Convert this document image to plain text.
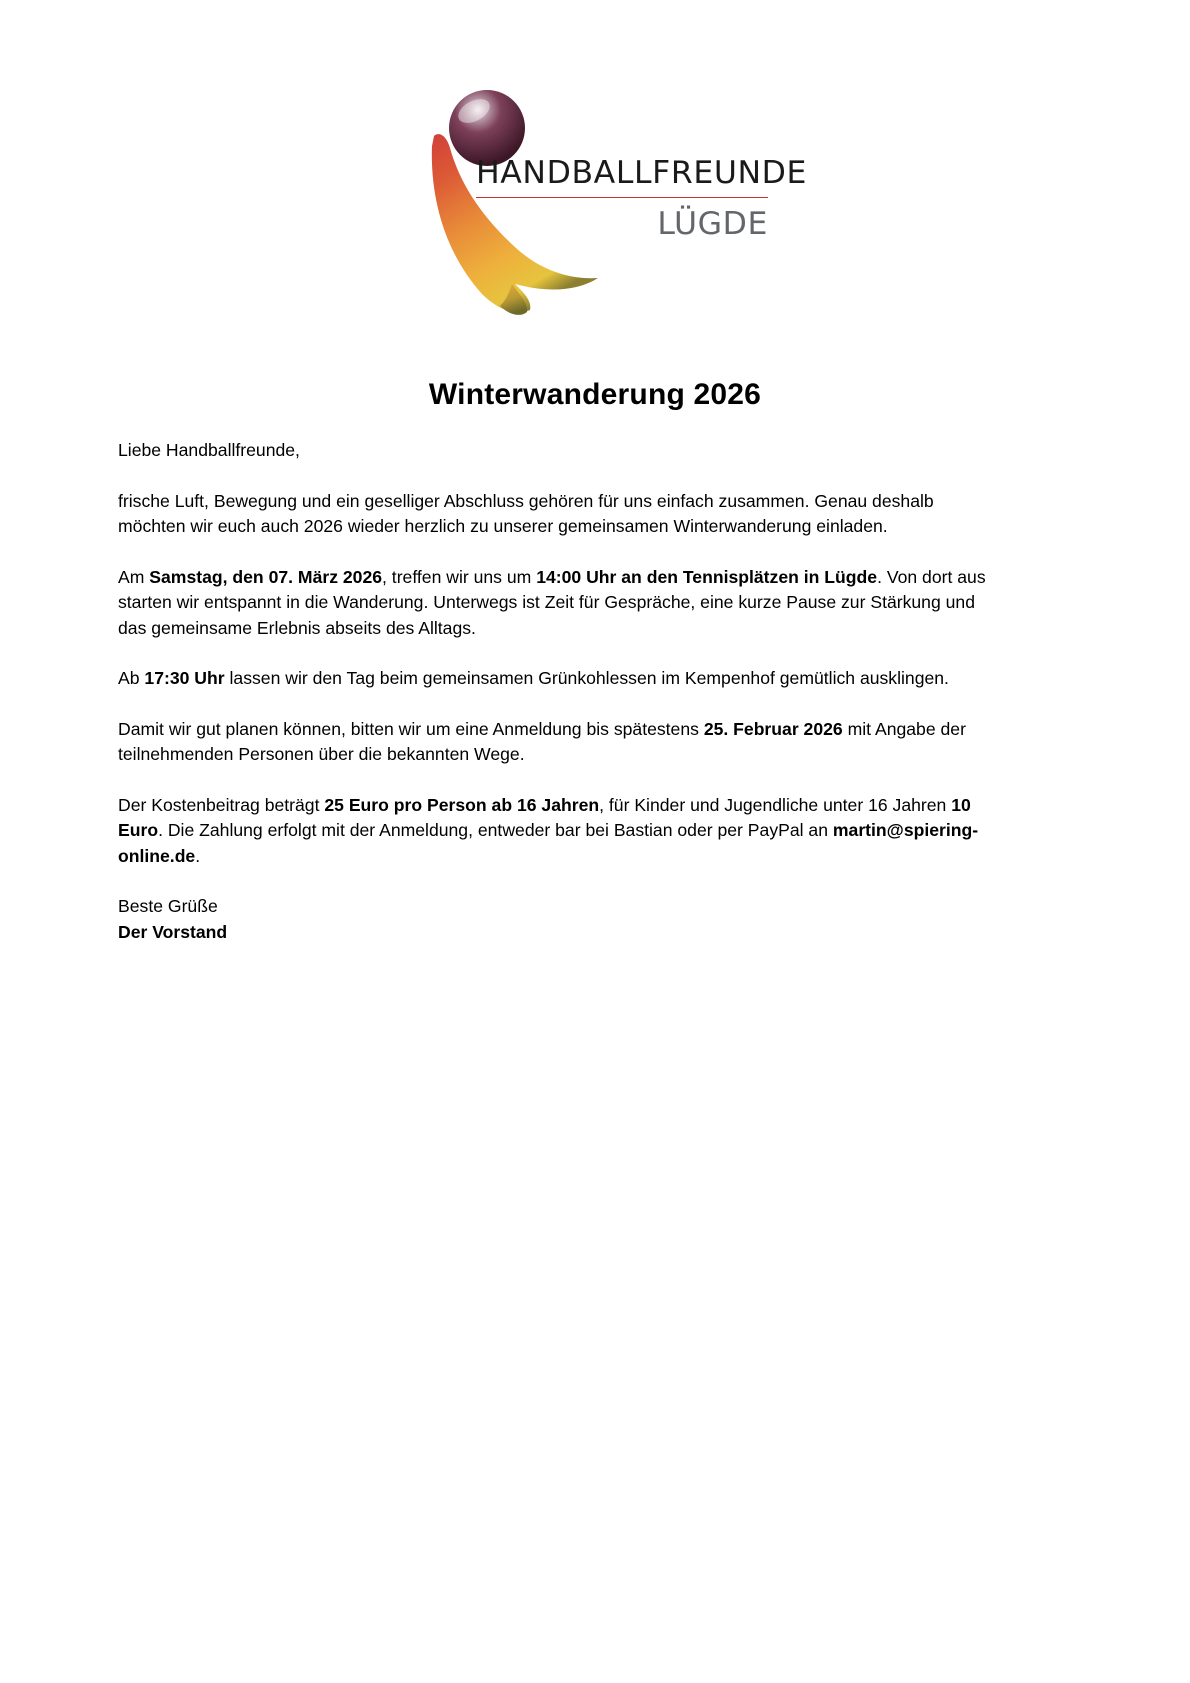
HANDBALLFREUNDE
LÜGDE
Winterwanderung 2026

Liebe Handballfreunde,

frische Luft, Bewegung und ein geselliger Abschluss gehören für uns einfach zusammen. Genau deshalb möchten wir euch auch 2026 wieder herzlich zu unserer gemeinsamen Winterwanderung einladen.

Am Samstag, den 07. März 2026, treffen wir uns um 14:00 Uhr an den Tennisplätzen in Lügde. Von dort aus starten wir entspannt in die Wanderung. Unterwegs ist Zeit für Gespräche, eine kurze Pause zur Stärkung und das gemeinsame Erlebnis abseits des Alltags.

Ab 17:30 Uhr lassen wir den Tag beim gemeinsamen Grünkohlessen im Kempenhof gemütlich ausklingen.

Damit wir gut planen können, bitten wir um eine Anmeldung bis spätestens 25. Februar 2026 mit Angabe der teilnehmenden Personen über die bekannten Wege.

Der Kostenbeitrag beträgt 25 Euro pro Person ab 16 Jahren, für Kinder und Jugendliche unter 16 Jahren 10 Euro. Die Zahlung erfolgt mit der Anmeldung, entweder bar bei Bastian oder per PayPal an martin@spiering-online.de.

Beste Grüße
Der Vorstand
